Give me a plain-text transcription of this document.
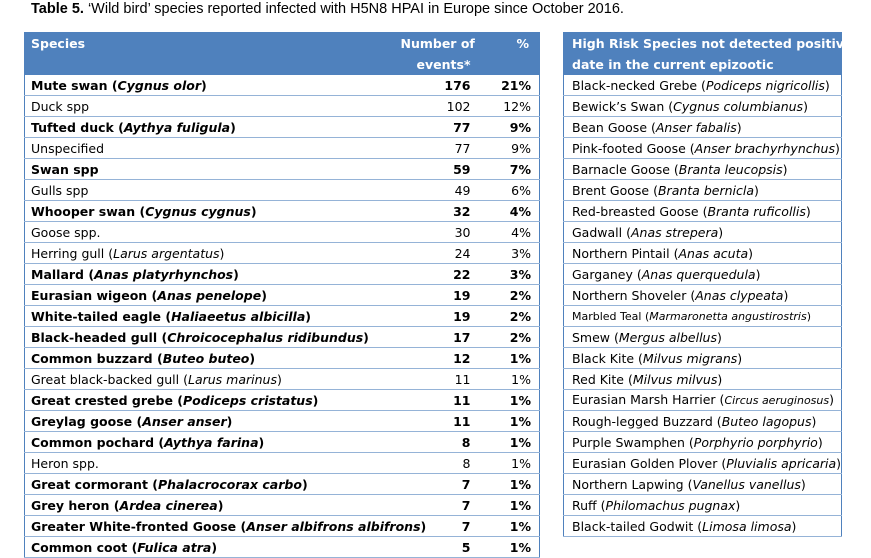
Table 5. ‘Wild bird’ species reported infected with H5N8 HPAI in Europe since October 2016.
Species	Number of	%
	events*	
Mute swan (Cygnus olor)	176	21%
Duck spp	102	12%
Tufted duck (Aythya fuligula)	77	9%
Unspecified	77	9%
Swan spp	59	7%
Gulls spp	49	6%
Whooper swan (Cygnus cygnus)	32	4%
Goose spp.	30	4%
Herring gull (Larus argentatus)	24	3%
Mallard (Anas platyrhynchos)	22	3%
Eurasian wigeon (Anas penelope)	19	2%
White-tailed eagle (Haliaeetus albicilla)	19	2%
Black-headed gull (Chroicocephalus ridibundus)	17	2%
Common buzzard (Buteo buteo)	12	1%
Great black-backed gull (Larus marinus)	11	1%
Great crested grebe (Podiceps cristatus)	11	1%
Greylag goose (Anser anser)	11	1%
Common pochard (Aythya farina)	8	1%
Heron spp.	8	1%
Great cormorant (Phalacrocorax carbo)	7	1%
Grey heron (Ardea cinerea)	7	1%
Greater White-fronted Goose (Anser albifrons albifrons)	7	1%
Common coot (Fulica atra)	5	1%
High Risk Species not detected positive to
date in the current epizootic
Black-necked Grebe (Podiceps nigricollis)
Bewick’s Swan (Cygnus columbianus)
Bean Goose (Anser fabalis)
Pink-footed Goose (Anser brachyrhynchus)
Barnacle Goose (Branta leucopsis)
Brent Goose (Branta bernicla)
Red-breasted Goose (Branta ruficollis)
Gadwall (Anas strepera)
Northern Pintail (Anas acuta)
Garganey (Anas querquedula)
Northern Shoveler (Anas clypeata)
Marbled Teal (Marmaronetta angustirostris)
Smew (Mergus albellus)
Black Kite (Milvus migrans)
Red Kite (Milvus milvus)
Eurasian Marsh Harrier (Circus aeruginosus)
Rough-legged Buzzard (Buteo lagopus)
Purple Swamphen (Porphyrio porphyrio)
Eurasian Golden Plover (Pluvialis apricaria)
Northern Lapwing (Vanellus vanellus)
Ruff (Philomachus pugnax)
Black-tailed Godwit (Limosa limosa)
